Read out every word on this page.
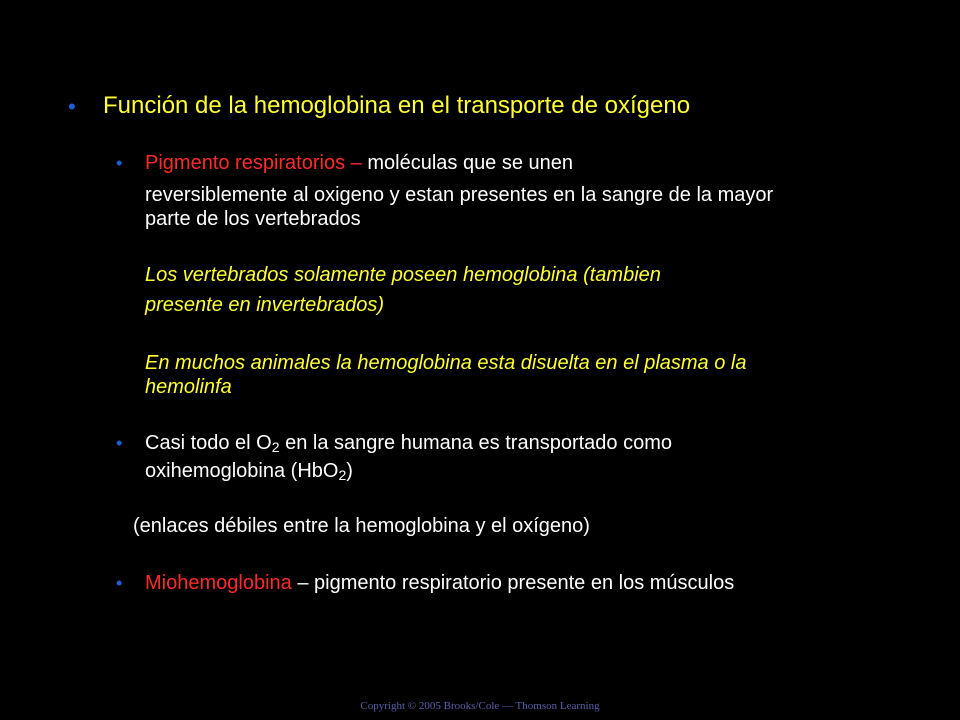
• Función de la hemoglobina en el transporte de oxígeno
• Pigmento respiratorios – moléculas que se unen
reversiblemente al oxigeno y estan presentes en la sangre de la mayor
parte de los vertebrados
Los vertebrados solamente poseen hemoglobina (tambien
presente en invertebrados)
En muchos animales la hemoglobina esta disuelta en el plasma o la
hemolinfa
• Casi todo el $O_2$ en la sangre humana es transportado como
oxihemoglobina (HbO$_2$)
(enlaces débiles entre la hemoglobina y el oxígeno)
• Miohemoglobina – pigmento respiratorio presente en los músculos
Copyright © 2005 Brooks/Cole — Thomson Learning
